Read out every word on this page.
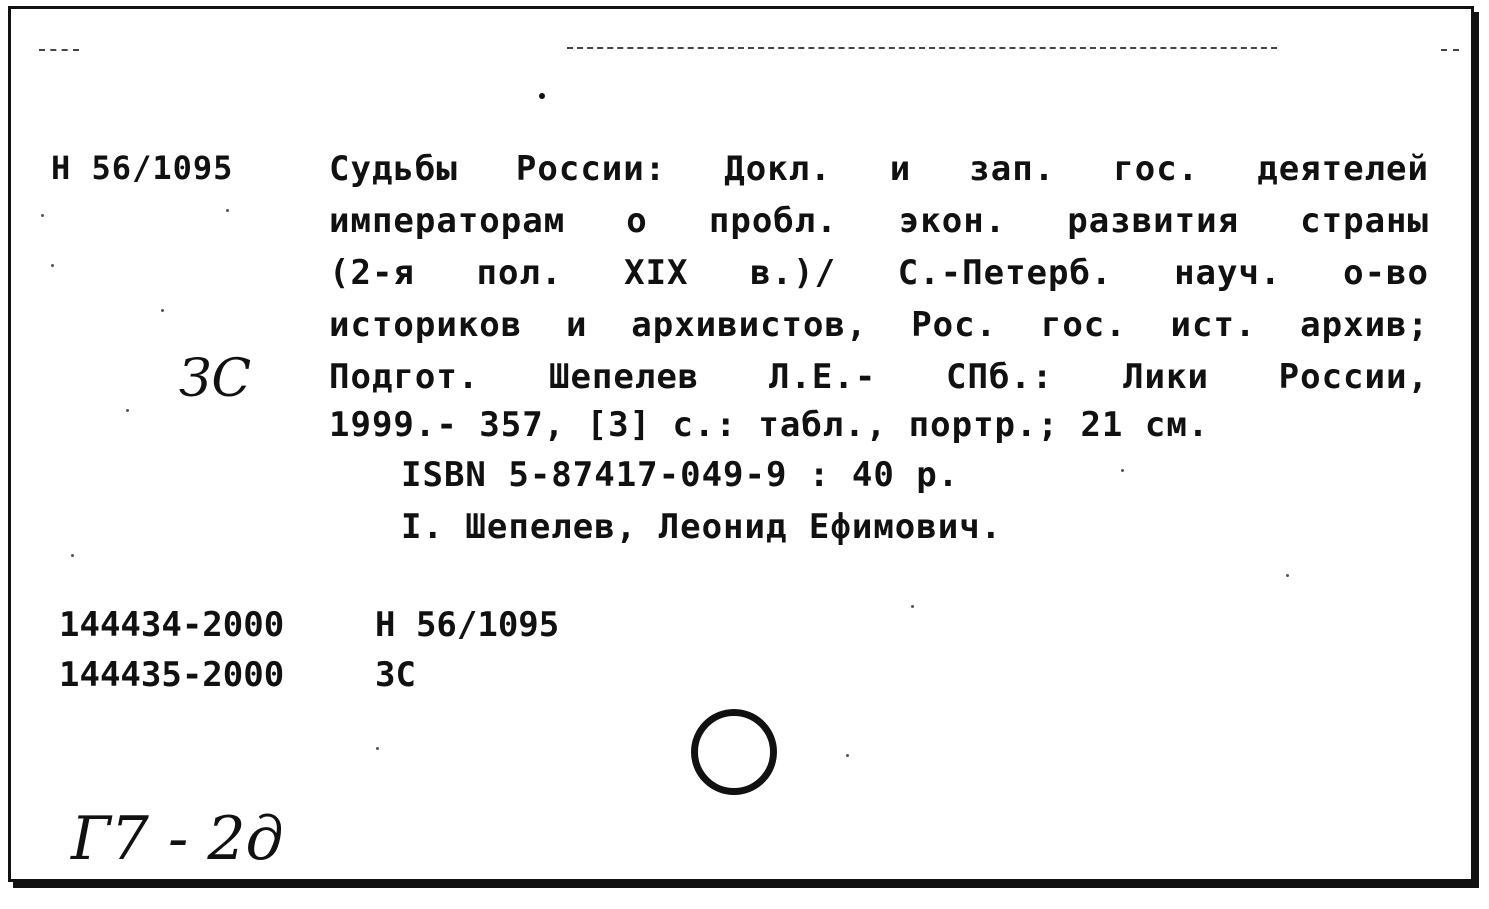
Н 56/1095
ЗС
Судьбы России: Докл. и зап. гос. деятелей
императорам о пробл. экон. развития страны
(2-я пол. XIX в.)/ С.-Петерб. науч. о-во
историков и архивистов, Рос. гос. ист. архив;
Подгот. Шепелев Л.Е.- СПб.: Лики России,
1999.- 357, [3] с.: табл., портр.; 21 см.
ISBN 5-87417-049-9 : 40 р.
I. Шепелев, Леонид Ефимович.
144434-2000	Н 56/1095
144435-2000	ЗС
Г7 - 2д
